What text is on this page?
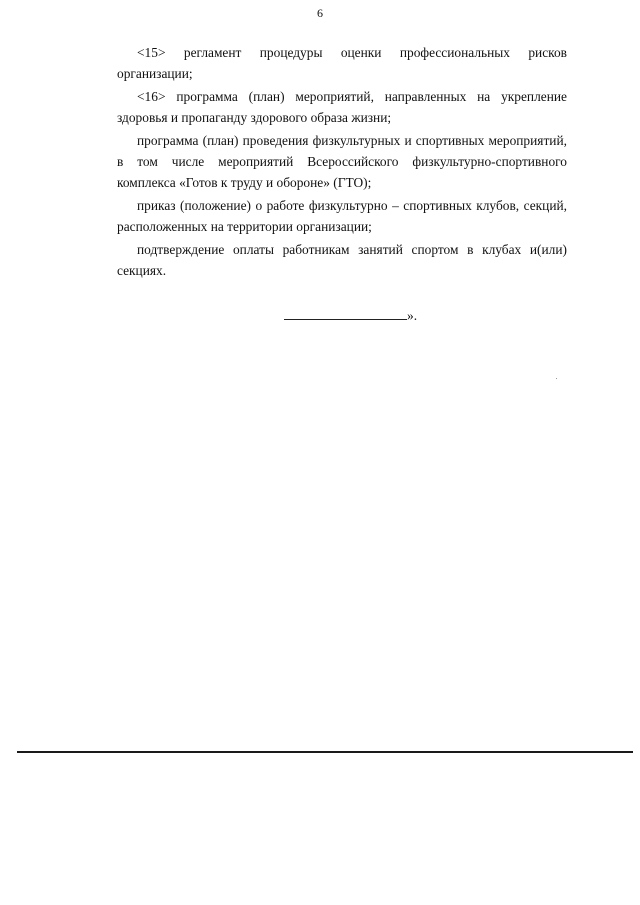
6

<15> регламент процедуры оценки профессиональных рисков организации;

<16> программа (план) мероприятий, направленных на укрепление здоровья и пропаганду здорового образа жизни;

программа (план) проведения физкультурных и спортивных мероприятий, в том числе мероприятий Всероссийского физкультурно-спортивного комплекса «Готов к труду и обороне» (ГТО);

приказ (положение) о работе физкультурно – спортивных клубов, секций, расположенных на территории организации;

подтверждение оплаты работникам занятий спортом в клубах и(или) секциях.

».
